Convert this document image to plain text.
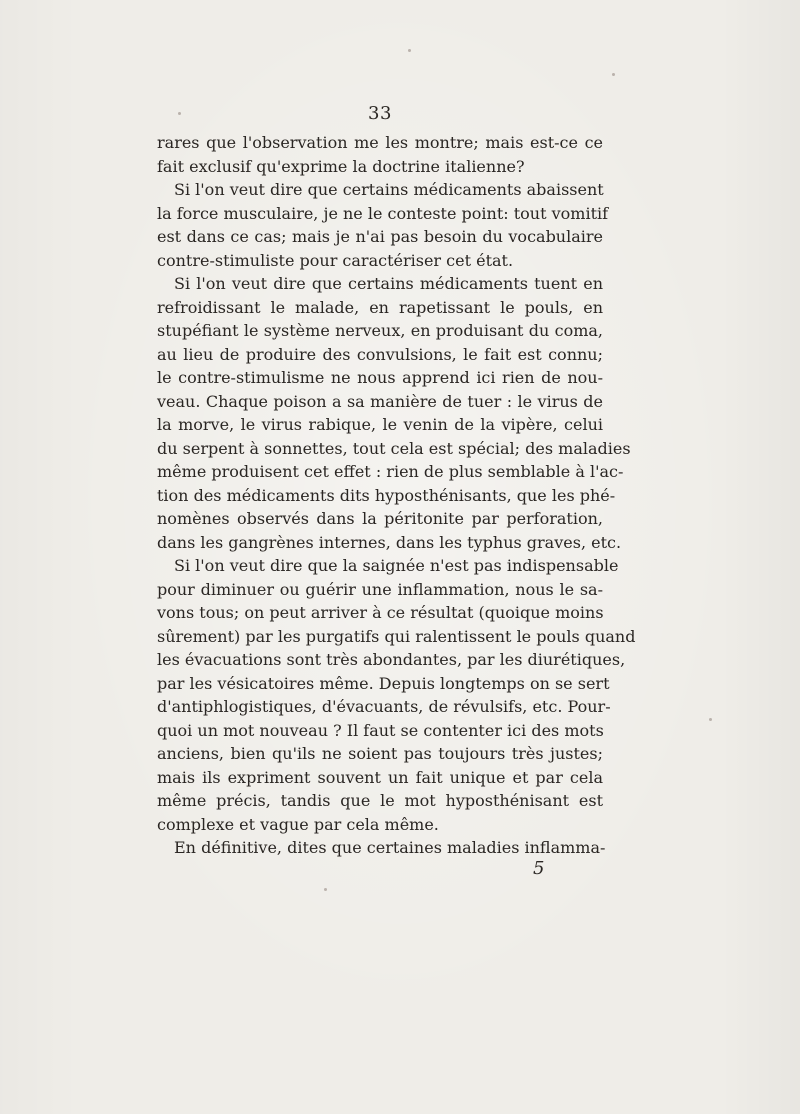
33
rares que l'observation me les montre; mais est-ce ce
fait exclusif qu'exprime la doctrine italienne?
Si l'on veut dire que certains médicaments abaissent
la force musculaire, je ne le conteste point: tout vomitif
est dans ce cas; mais je n'ai pas besoin du vocabulaire
contre-stimuliste pour caractériser cet état.
Si l'on veut dire que certains médicaments tuent en
refroidissant le malade, en rapetissant le pouls, en
stupéfiant le système nerveux, en produisant du coma,
au lieu de produire des convulsions, le fait est connu;
le contre-stimulisme ne nous apprend ici rien de nou-
veau. Chaque poison a sa manière de tuer : le virus de
la morve, le virus rabique, le venin de la vipère, celui
du serpent à sonnettes, tout cela est spécial; des maladies
même produisent cet effet : rien de plus semblable à l'ac-
tion des médicaments dits hyposthénisants, que les phé-
nomènes observés dans la péritonite par perforation,
dans les gangrènes internes, dans les typhus graves, etc.
Si l'on veut dire que la saignée n'est pas indispensable
pour diminuer ou guérir une inflammation, nous le sa-
vons tous; on peut arriver à ce résultat (quoique moins
sûrement) par les purgatifs qui ralentissent le pouls quand
les évacuations sont très abondantes, par les diurétiques,
par les vésicatoires même. Depuis longtemps on se sert
d'antiphlogistiques, d'évacuants, de révulsifs, etc. Pour-
quoi un mot nouveau ? Il faut se contenter ici des mots
anciens, bien qu'ils ne soient pas toujours très justes;
mais ils expriment souvent un fait unique et par cela
même précis, tandis que le mot hyposthénisant est
complexe et vague par cela même.
En définitive, dites que certaines maladies inflamma-
5
